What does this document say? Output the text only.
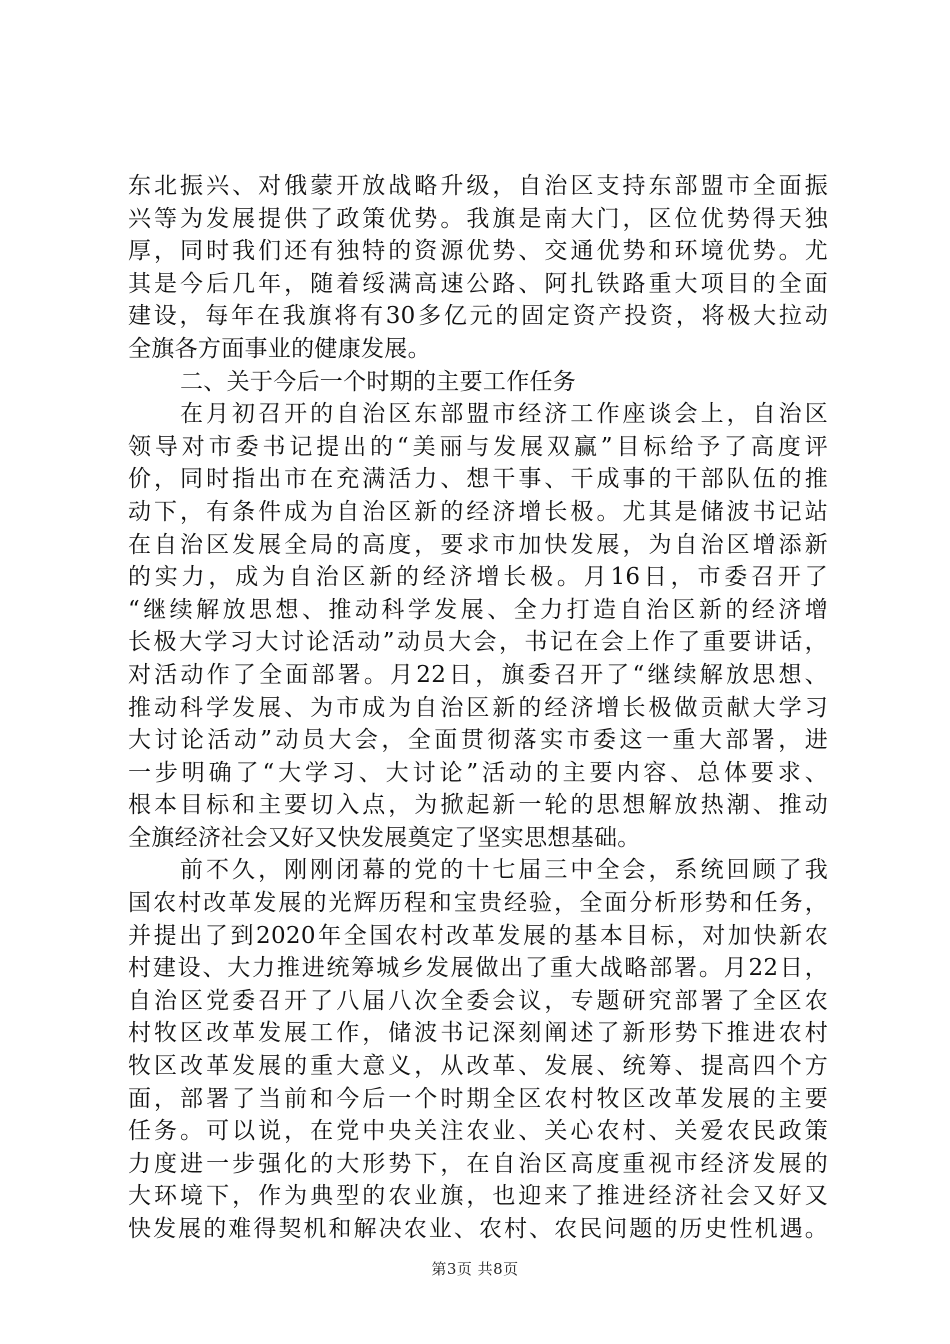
东北振兴、对俄蒙开放战略升级，自治区支持东部盟市全面振
兴等为发展提供了政策优势。我旗是南大门，区位优势得天独
厚，同时我们还有独特的资源优势、交通优势和环境优势。尤
其是今后几年，随着绥满高速公路、阿扎铁路重大项目的全面
建设，每年在我旗将有30多亿元的固定资产投资，将极大拉动
全旗各方面事业的健康发展。
二、关于今后一个时期的主要工作任务
在月初召开的自治区东部盟市经济工作座谈会上，自治区
领导对市委书记提出的“美丽与发展双赢”目标给予了高度评
价，同时指出市在充满活力、想干事、干成事的干部队伍的推
动下，有条件成为自治区新的经济增长极。尤其是储波书记站
在自治区发展全局的高度，要求市加快发展，为自治区增添新
的实力，成为自治区新的经济增长极。月16日，市委召开了
“继续解放思想、推动科学发展、全力打造自治区新的经济增
长极大学习大讨论活动”动员大会，书记在会上作了重要讲话，
对活动作了全面部署。月22日，旗委召开了“继续解放思想、
推动科学发展、为市成为自治区新的经济增长极做贡献大学习
大讨论活动”动员大会，全面贯彻落实市委这一重大部署，进
一步明确了“大学习、大讨论”活动的主要内容、总体要求、
根本目标和主要切入点，为掀起新一轮的思想解放热潮、推动
全旗经济社会又好又快发展奠定了坚实思想基础。
前不久，刚刚闭幕的党的十七届三中全会，系统回顾了我
国农村改革发展的光辉历程和宝贵经验，全面分析形势和任务，
并提出了到2020年全国农村改革发展的基本目标，对加快新农
村建设、大力推进统筹城乡发展做出了重大战略部署。月22日，
自治区党委召开了八届八次全委会议，专题研究部署了全区农
村牧区改革发展工作，储波书记深刻阐述了新形势下推进农村
牧区改革发展的重大意义，从改革、发展、统筹、提高四个方
面，部署了当前和今后一个时期全区农村牧区改革发展的主要
任务。可以说，在党中央关注农业、关心农村、关爱农民政策
力度进一步强化的大形势下，在自治区高度重视市经济发展的
大环境下，作为典型的农业旗，也迎来了推进经济社会又好又
快发展的难得契机和解决农业、农村、农民问题的历史性机遇。
第3页 共8页
